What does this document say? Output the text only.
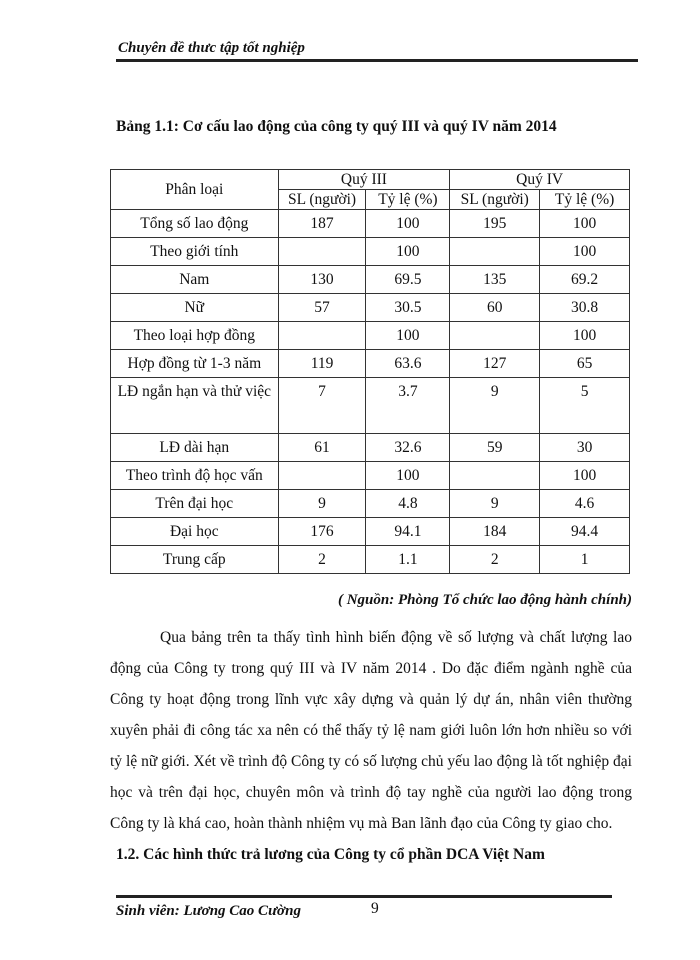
Chuyên đề thưc tập tốt nghiệp
Bảng 1.1: Cơ cấu lao động của công ty quý III và quý IV năm 2014
Phân loại	Quý III		Quý IV	
	SL (người)	Tỷ lệ (%)	SL (người)	Tỷ lệ (%)
Tổng số lao động	187	100	195	100
Theo giới tính		100		100
Nam	130	69.5	135	69.2
Nữ	57	30.5	60	30.8
Theo loại hợp đồng		100		100
Hợp đồng từ 1-3 năm	119	63.6	127	65
LĐ ngắn hạn và thử việc	7	3.7	9	5
LĐ dài hạn	61	32.6	59	30
Theo trình độ học vấn		100		100
Trên đại học	9	4.8	9	4.6
Đại học	176	94.1	184	94.4
Trung cấp	2	1.1	2	1
( Nguồn: Phòng Tổ chức lao động hành chính)

Qua bảng trên ta thấy tình hình biến động về số lượng và chất lượng lao động của Công ty trong quý III và IV năm 2014 . Do đặc điểm ngành nghề của Công ty hoạt động trong lĩnh vực xây dựng và quản lý dự án, nhân viên thường xuyên phải đi công tác xa nên có thể thấy tỷ lệ nam giới luôn lớn hơn nhiều so với tỷ lệ nữ giới. Xét về trình độ Công ty có số lượng chủ yếu lao động là tốt nghiệp đại học và trên đại học, chuyên môn và trình độ tay nghề của người lao động trong Công ty là khá cao, hoàn thành nhiệm vụ mà Ban lãnh đạo của Công ty giao cho.

1.2. Các hình thức trả lương của Công ty cổ phần DCA Việt Nam
Sinh viên: Lương Cao Cường	9
